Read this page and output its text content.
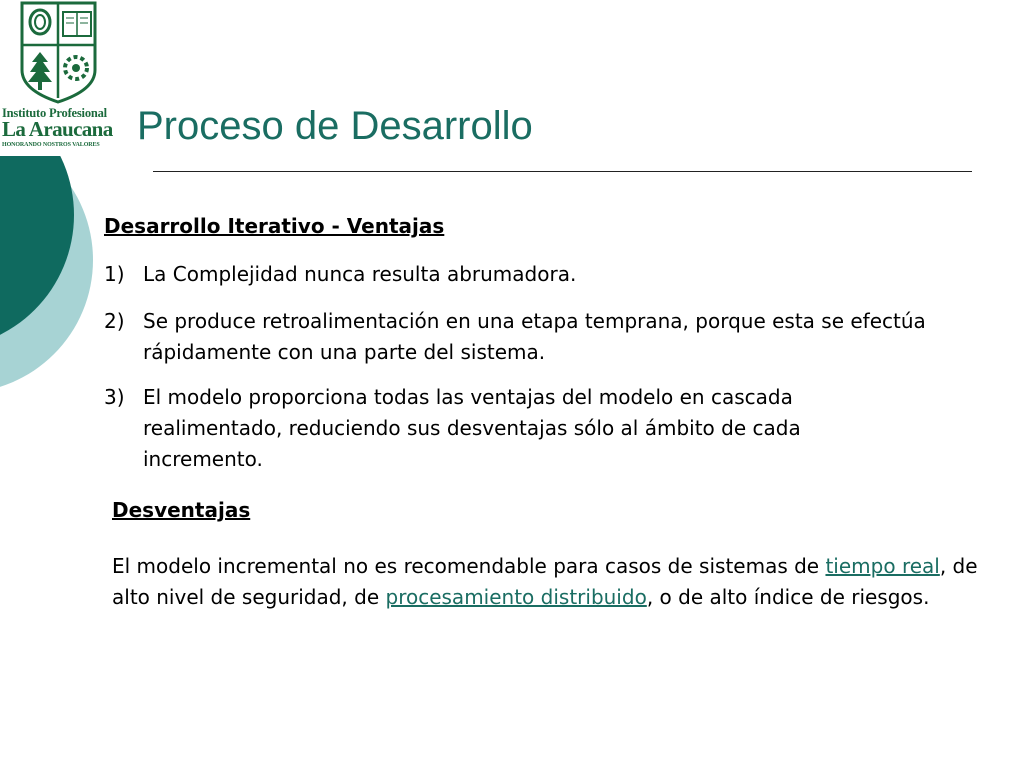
Instituto Profesional
La Araucana
HONORANDO NOSTROS VALORES Proceso de Desarrollo
Desarrollo Iterativo - Ventajas
1) La Complejidad nunca resulta abrumadora.
2) Se produce retroalimentación en una etapa temprana, porque esta se efectúa rápidamente con una parte del sistema.
3) El modelo proporciona todas las ventajas del modelo en cascada realimentado, reduciendo sus desventajas sólo al ámbito de cada incremento.
Desventajas
El modelo incremental no es recomendable para casos de sistemas de tiempo real, de alto nivel de seguridad, de procesamiento distribuido, o de alto índice de riesgos.
